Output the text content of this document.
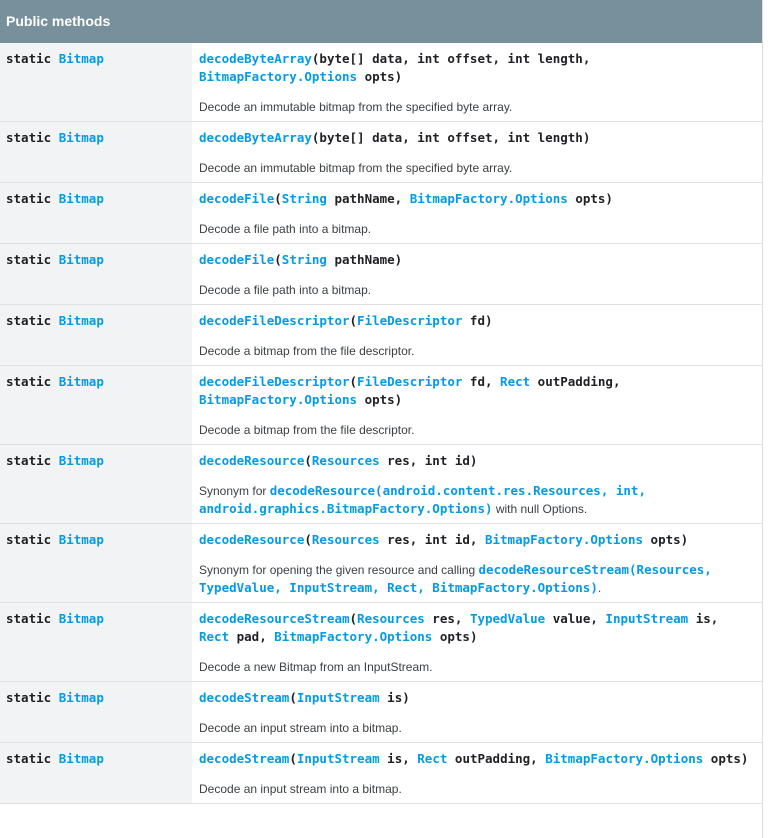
Public methods
static Bitmap	decodeByteArray(byte[] data, int offset, int length, BitmapFactory.Options opts)
Decode an immutable bitmap from the specified byte array.

static Bitmap	decodeByteArray(byte[] data, int offset, int length)
Decode an immutable bitmap from the specified byte array.

static Bitmap	decodeFile(String pathName, BitmapFactory.Options opts)
Decode a file path into a bitmap.

static Bitmap	decodeFile(String pathName)
Decode a file path into a bitmap.

static Bitmap	decodeFileDescriptor(FileDescriptor fd)
Decode a bitmap from the file descriptor.

static Bitmap	decodeFileDescriptor(FileDescriptor fd, Rect outPadding, BitmapFactory.Options opts)
Decode a bitmap from the file descriptor.

static Bitmap	decodeResource(Resources res, int id)
Synonym for decodeResource(android.content.res.Resources, int, android.graphics.BitmapFactory.Options) with null Options.

static Bitmap	decodeResource(Resources res, int id, BitmapFactory.Options opts)
Synonym for opening the given resource and calling decodeResourceStream(Resources, TypedValue, InputStream, Rect, BitmapFactory.Options).

static Bitmap	decodeResourceStream(Resources res, TypedValue value, InputStream is, Rect pad, BitmapFactory.Options opts)
Decode a new Bitmap from an InputStream.

static Bitmap	decodeStream(InputStream is)
Decode an input stream into a bitmap.

static Bitmap	decodeStream(InputStream is, Rect outPadding, BitmapFactory.Options opts)
Decode an input stream into a bitmap.
